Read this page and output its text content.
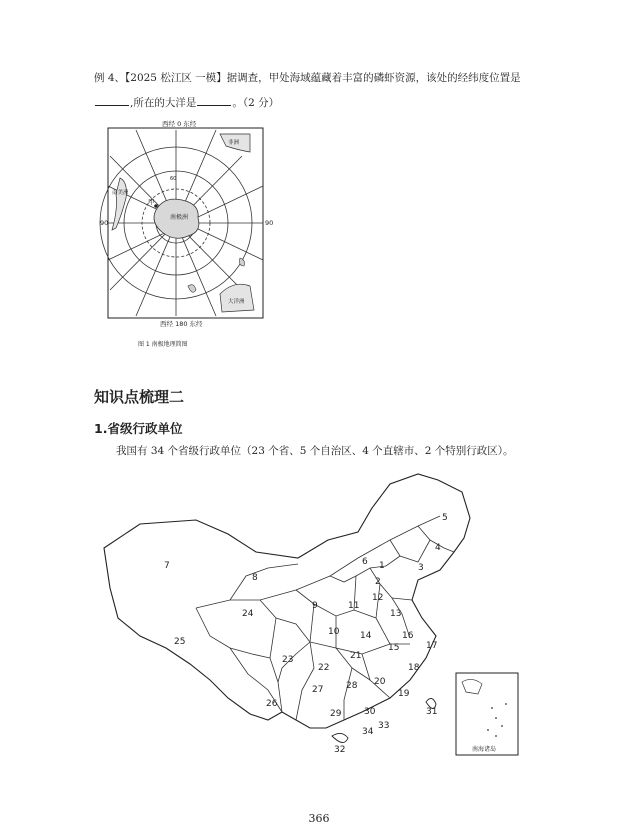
例 4、【2025 松江区 一模】据调查，甲处海域蕴藏着丰富的磷虾资源，该处的经纬度位置是
,所在的大洋是	。（2 分）
西经 0 东经
西经 180 东经
90	90
60
南极洲
南美洲
非洲
大洋洲
甲
图 1 南极地理简图
知识点梳理二
1.省级行政单位
我国有 34 个省级行政单位（23 个省、5 个自治区、4 个直辖市、2 个特别行政区）。
南海诸岛
1
2
3
4
5
6
7
8
9
10
11
12
13
14
15
16
17
18
19
20
21
22
23
24
25
26
27	28
29	30	31
32
33
34
366
